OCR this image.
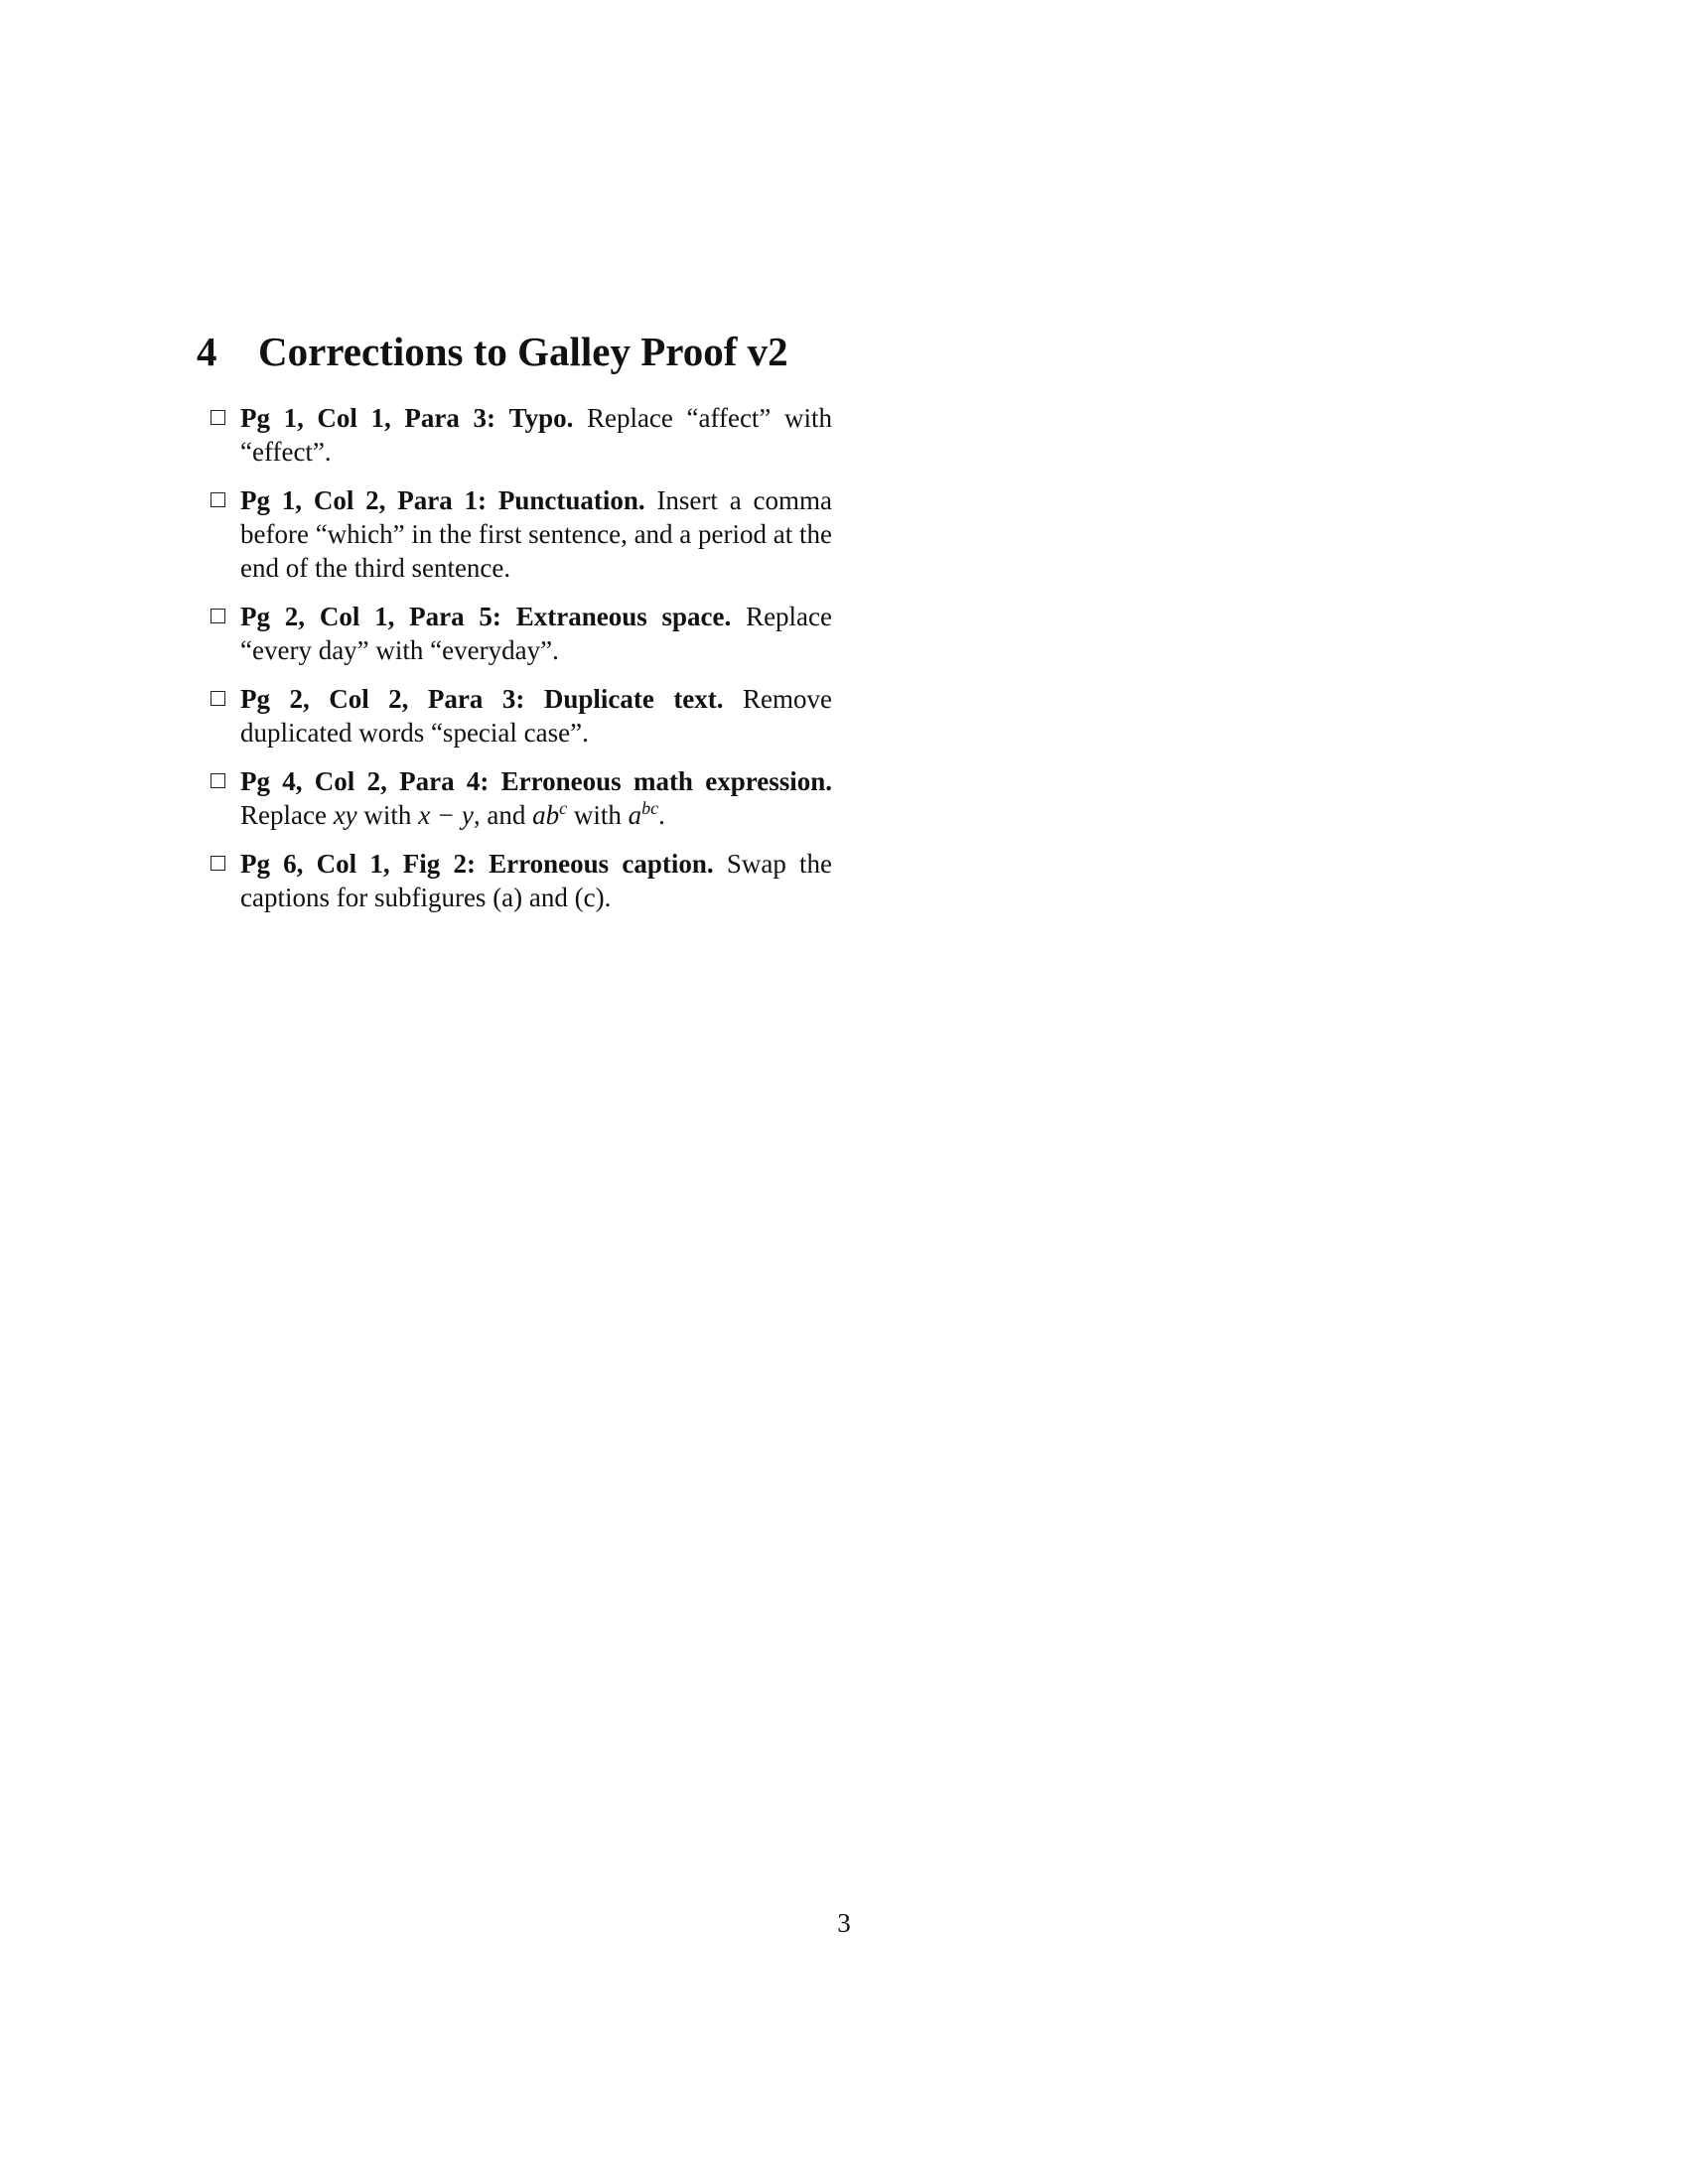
4 Corrections to Galley Proof v2
Pg 1, Col 1, Para 3: Typo. Replace “affect” with “effect”.
Pg 1, Col 2, Para 1: Punctuation. Insert a comma before “which” in the first sentence, and a period at the end of the third sentence.
Pg 2, Col 1, Para 5: Extraneous space. Replace “every day” with “everyday”.
Pg 2, Col 2, Para 3: Duplicate text. Remove duplicated words “special case”.
Pg 4, Col 2, Para 4: Erroneous math expression. Replace xy with x − y, and $ab^c$ with $a^{bc}$.
Pg 6, Col 1, Fig 2: Erroneous caption. Swap the captions for subfigures (a) and (c).
3
